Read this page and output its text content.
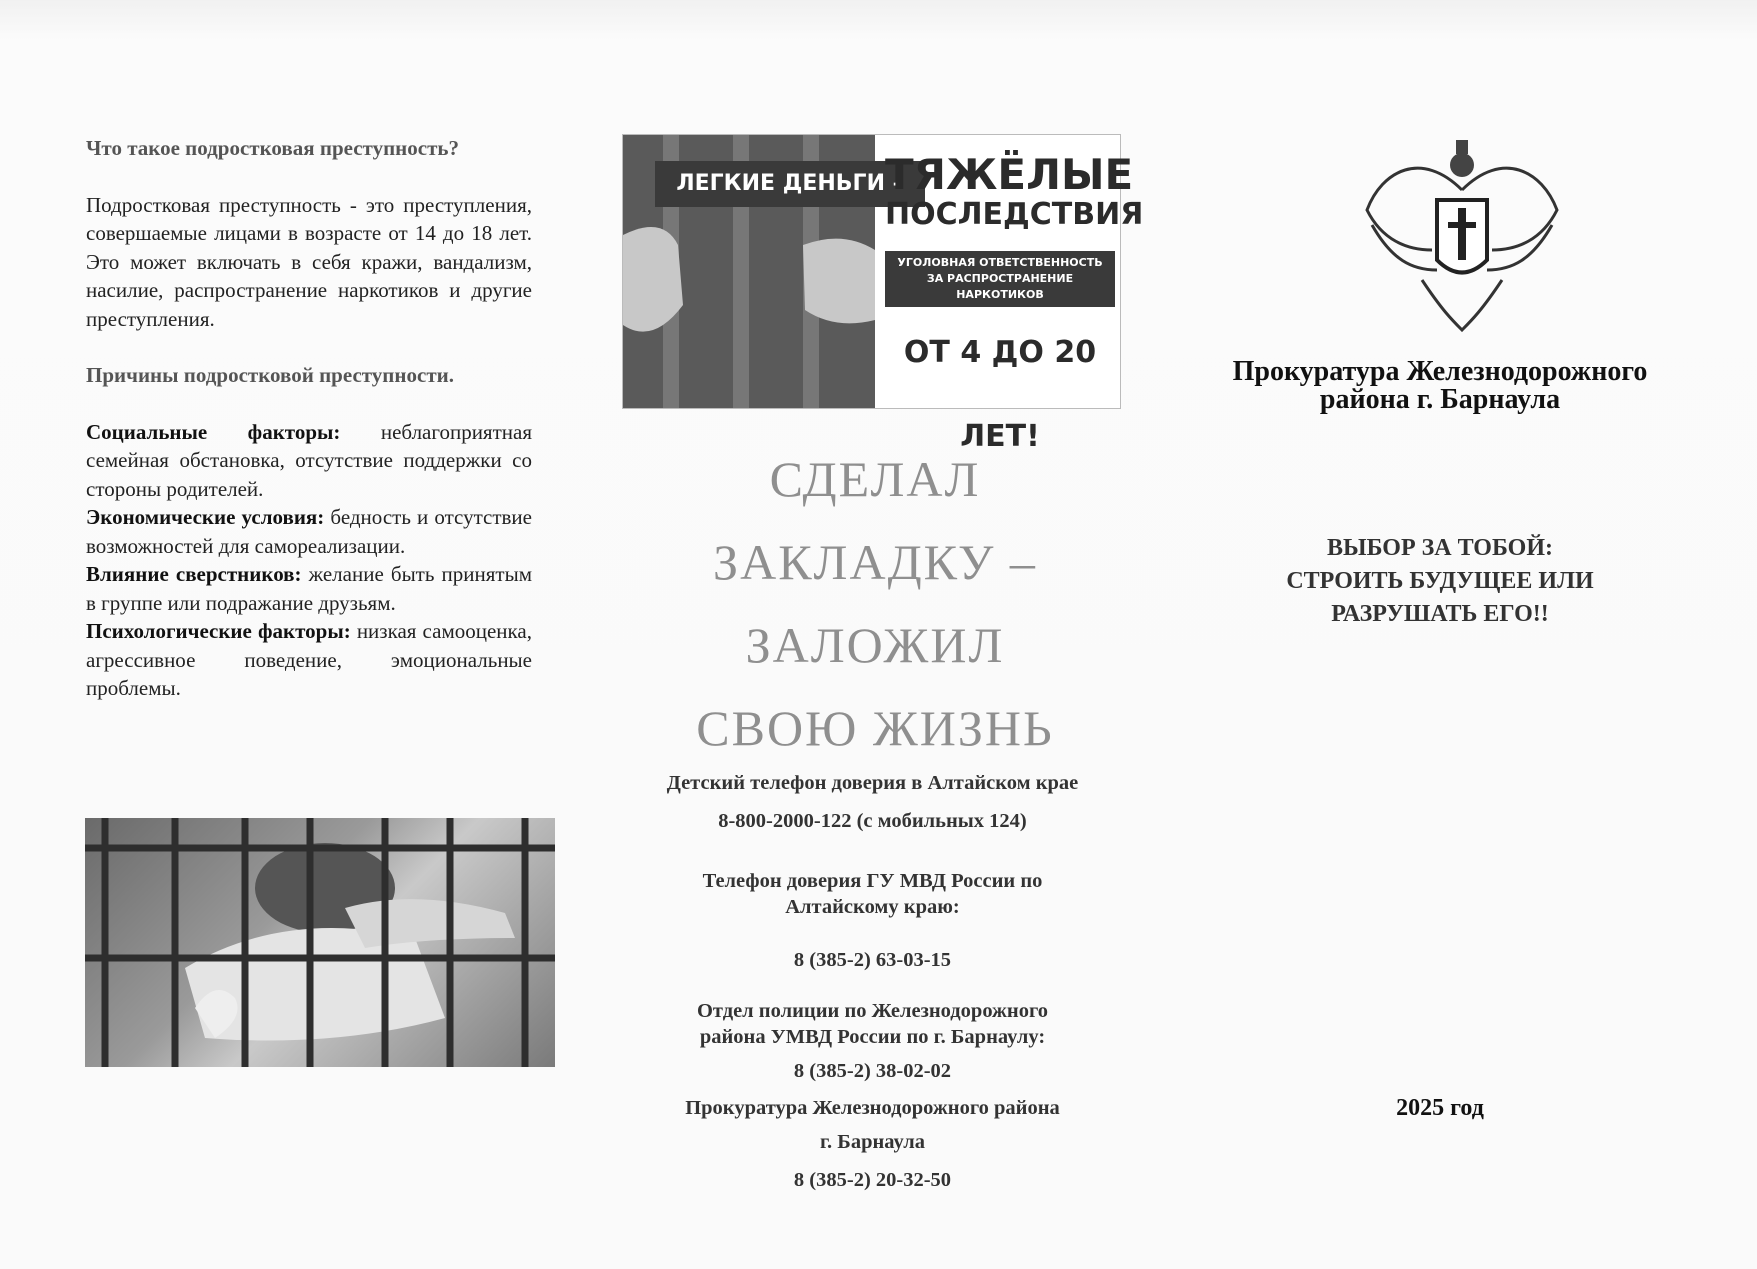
Что такое подростковая преступность?

Подростковая преступность - это преступления, совершаемые лицами в возрасте от 14 до 18 лет. Это может включать в себя кражи, вандализм, насилие, распространение наркотиков и другие преступления.

Причины подростковой преступности.

Социальные факторы: неблагоприятная семейная обстановка, отсутствие поддержки со стороны родителей.

Экономические условия: бедность и отсутствие возможностей для самореализации.

Влияние сверстников: желание быть принятым в группе или подражание друзьям.

Психологические факторы: низкая самооценка, агрессивное поведение, эмоциональные проблемы.

ЛЕГКИЕ ДЕНЬГИ –
ТЯЖЁЛЫЕ
ПОСЛЕДСТВИЯ
УГОЛОВНАЯ ОТВЕТСТВЕННОСТЬ
ЗА РАСПРОСТРАНЕНИЕ НАРКОТИКОВ
ОТ 4 ДО 20 ЛЕТ!
СДЕЛАЛ
ЗАКЛАДКУ –
ЗАЛОЖИЛ
СВОЮ ЖИЗНЬ
Детский телефон доверия в Алтайском крае
8-800-2000-122 (с мобильных 124)
Телефон доверия ГУ МВД России по
Алтайскому краю:
8 (385-2) 63-03-15
Отдел полиции по Железнодорожного
района УМВД России по г. Барнаулу:
8 (385-2) 38-02-02
Прокуратура Железнодорожного района
г. Барнаула
8 (385-2) 20-32-50
Прокуратура Железнодорожного
района г. Барнаула
ВЫБОР ЗА ТОБОЙ:
СТРОИТЬ БУДУЩЕЕ ИЛИ
РАЗРУШАТЬ ЕГО!!
2025 год
